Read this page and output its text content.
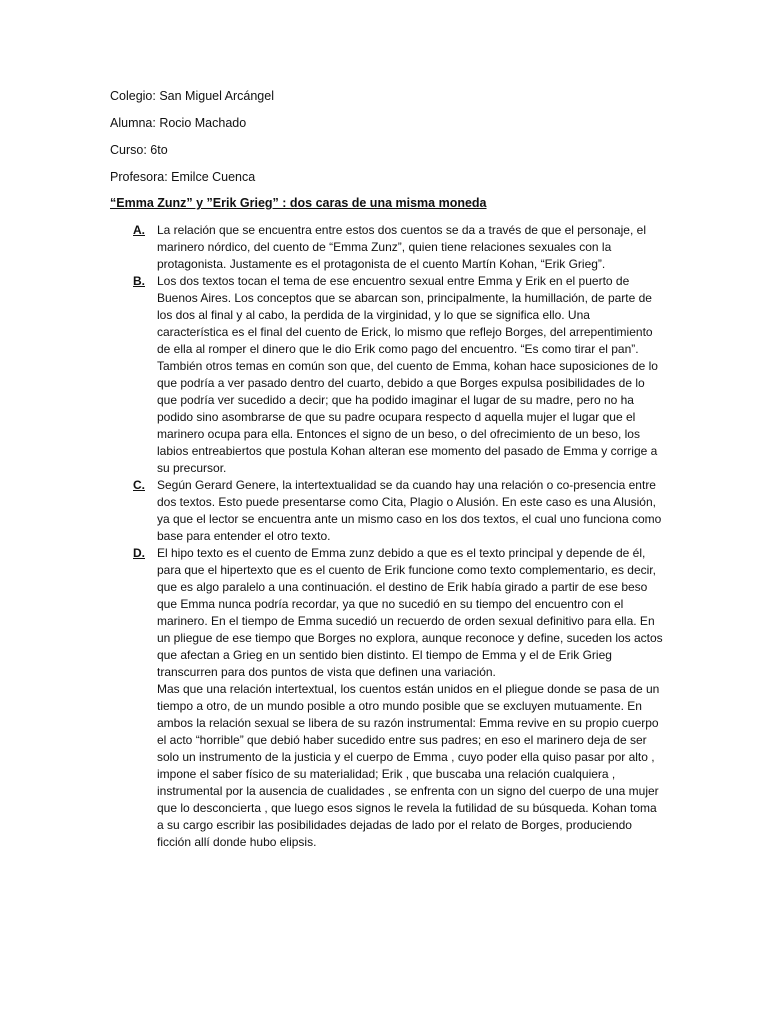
Colegio: San Miguel Arcángel
Alumna: Rocio Machado
Curso: 6to
Profesora: Emilce Cuenca
“Emma Zunz” y ”Erik Grieg” : dos caras de una misma moneda
A. La relación que se encuentra entre estos dos cuentos se da a través de que el personaje, el marinero nórdico, del cuento de “Emma Zunz”, quien tiene relaciones sexuales con la protagonista. Justamente es el protagonista de el cuento Martín Kohan, “Erik Grieg”.

B. Los dos textos tocan el tema de ese encuentro sexual entre Emma y Erik en el puerto de Buenos Aires. Los conceptos que se abarcan son, principalmente, la humillación, de parte de los dos al final y al cabo, la perdida de la virginidad, y lo que se significa ello. Una característica es el final del cuento de Erick, lo mismo que reflejo Borges, del arrepentimiento de ella al romper el dinero que le dio Erik como pago del encuentro. “Es como tirar el pan”. También otros temas en común son que, del cuento de Emma, kohan hace suposiciones de lo que podría a ver pasado dentro del cuarto, debido a que Borges expulsa posibilidades de lo que podría ver sucedido a decir; que ha podido imaginar el lugar de su madre, pero no ha podido sino asombrarse de que su padre ocupara respecto d aquella mujer el lugar que el marinero ocupa para ella. Entonces el signo de un beso, o del ofrecimiento de un beso, los labios entreabiertos que postula Kohan alteran ese momento del pasado de Emma y corrige a su precursor.

C. Según Gerard Genere, la intertextualidad se da cuando hay una relación o co-presencia entre dos textos. Esto puede presentarse como Cita, Plagio o Alusión. En este caso es una Alusión, ya que el lector se encuentra ante un mismo caso en los dos textos, el cual uno funciona como base para entender el otro texto.

D. El hipo texto es el cuento de Emma zunz debido a que es el texto principal y depende de él, para que el hipertexto que es el cuento de Erik funcione como texto complementario, es decir, que es algo paralelo a una continuación. el destino de Erik había girado a partir de ese beso que Emma nunca podría recordar, ya que no sucedió en su tiempo del encuentro con el marinero. En el tiempo de Emma sucedió un recuerdo de orden sexual definitivo para ella. En un pliegue de ese tiempo que Borges no explora, aunque reconoce y define, suceden los actos que afectan a Grieg en un sentido bien distinto. El tiempo de Emma y el de Erik Grieg transcurren para dos puntos de vista que definen una variación.

Mas que una relación intertextual, los cuentos están unidos en el pliegue donde se pasa de un tiempo a otro, de un mundo posible a otro mundo posible que se excluyen mutuamente. En ambos la relación sexual se libera de su razón instrumental: Emma revive en su propio cuerpo el acto “horrible” que debió haber sucedido entre sus padres; en eso el marinero deja de ser solo un instrumento de la justicia y el cuerpo de Emma , cuyo poder ella quiso pasar por alto , impone el saber físico de su materialidad; Erik , que buscaba una relación cualquiera , instrumental por la ausencia de cualidades , se enfrenta con un signo del cuerpo de una mujer que lo desconcierta , que luego esos signos le revela la futilidad de su búsqueda. Kohan toma a su cargo escribir las posibilidades dejadas de lado por el relato de Borges, produciendo ficción allí donde hubo elipsis.
